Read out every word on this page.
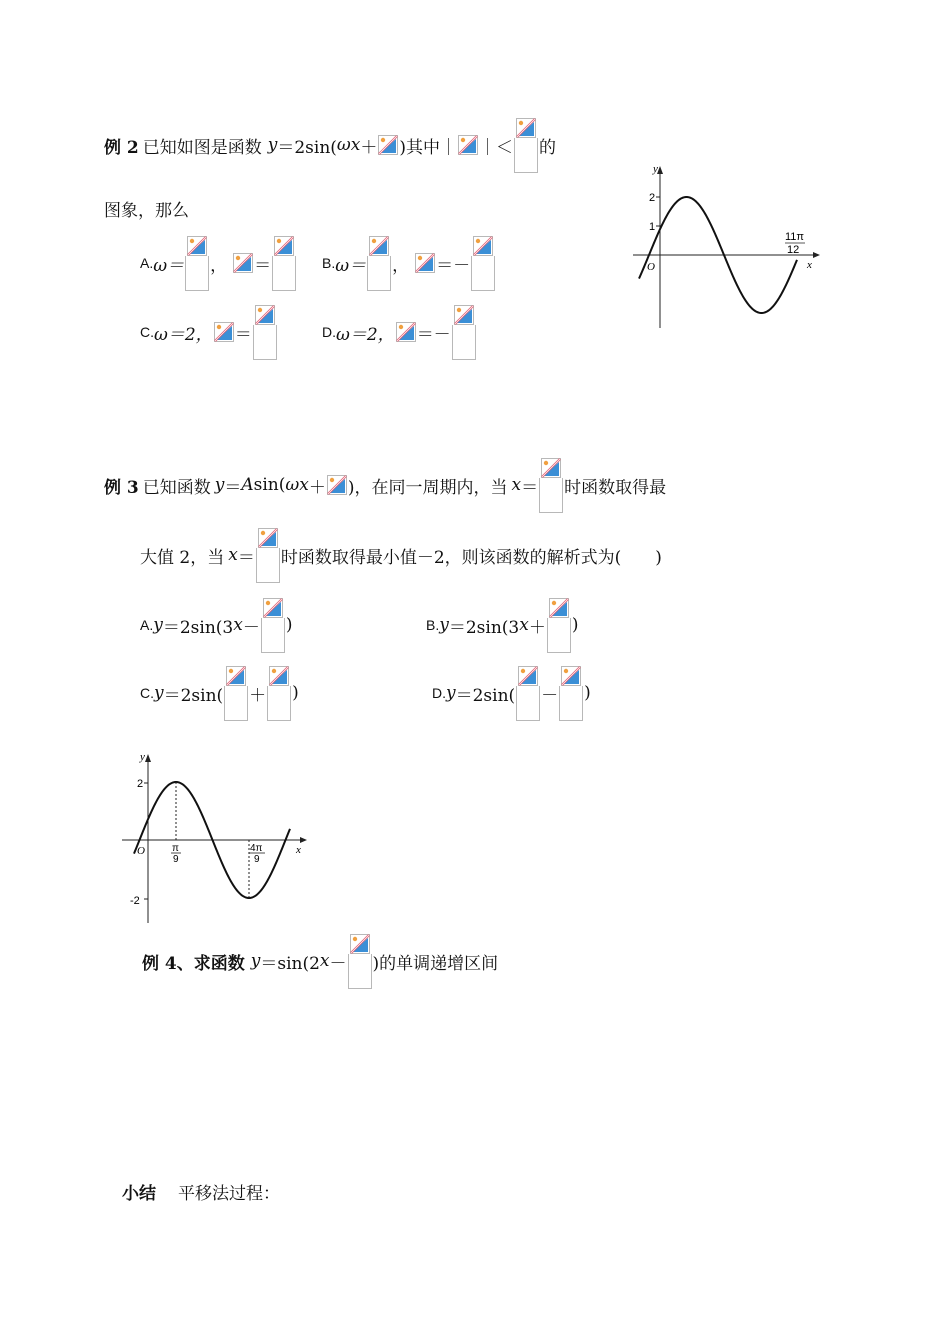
例 2 已知如图是函数 y ＝2sin( ω x ＋ )其中｜ ｜＜ 的
图象，那么
A. ω＝ ， ＝	B. ω＝ ， ＝－
C. ω＝2， ＝	D. ω＝2， ＝－
2
1
O
y
x
11π
12
例 3 已知函数 y ＝ A sin( ω x ＋ )，在同一周期内，当 x ＝ 时函数取得最
大值 2，当 x ＝ 时函数取得最小值－2，则该函数的解析式为(　　)
A. y ＝2sin(3 x － )	B. y ＝2sin(3 x ＋ )
C. y ＝2sin( ＋ )	D. y ＝2sin( － )
2
-2
O
y
x
π
9
4π
9
例 4、求函数 y ＝sin(2 x － )的单调递增区间
小结 平移法过程：
